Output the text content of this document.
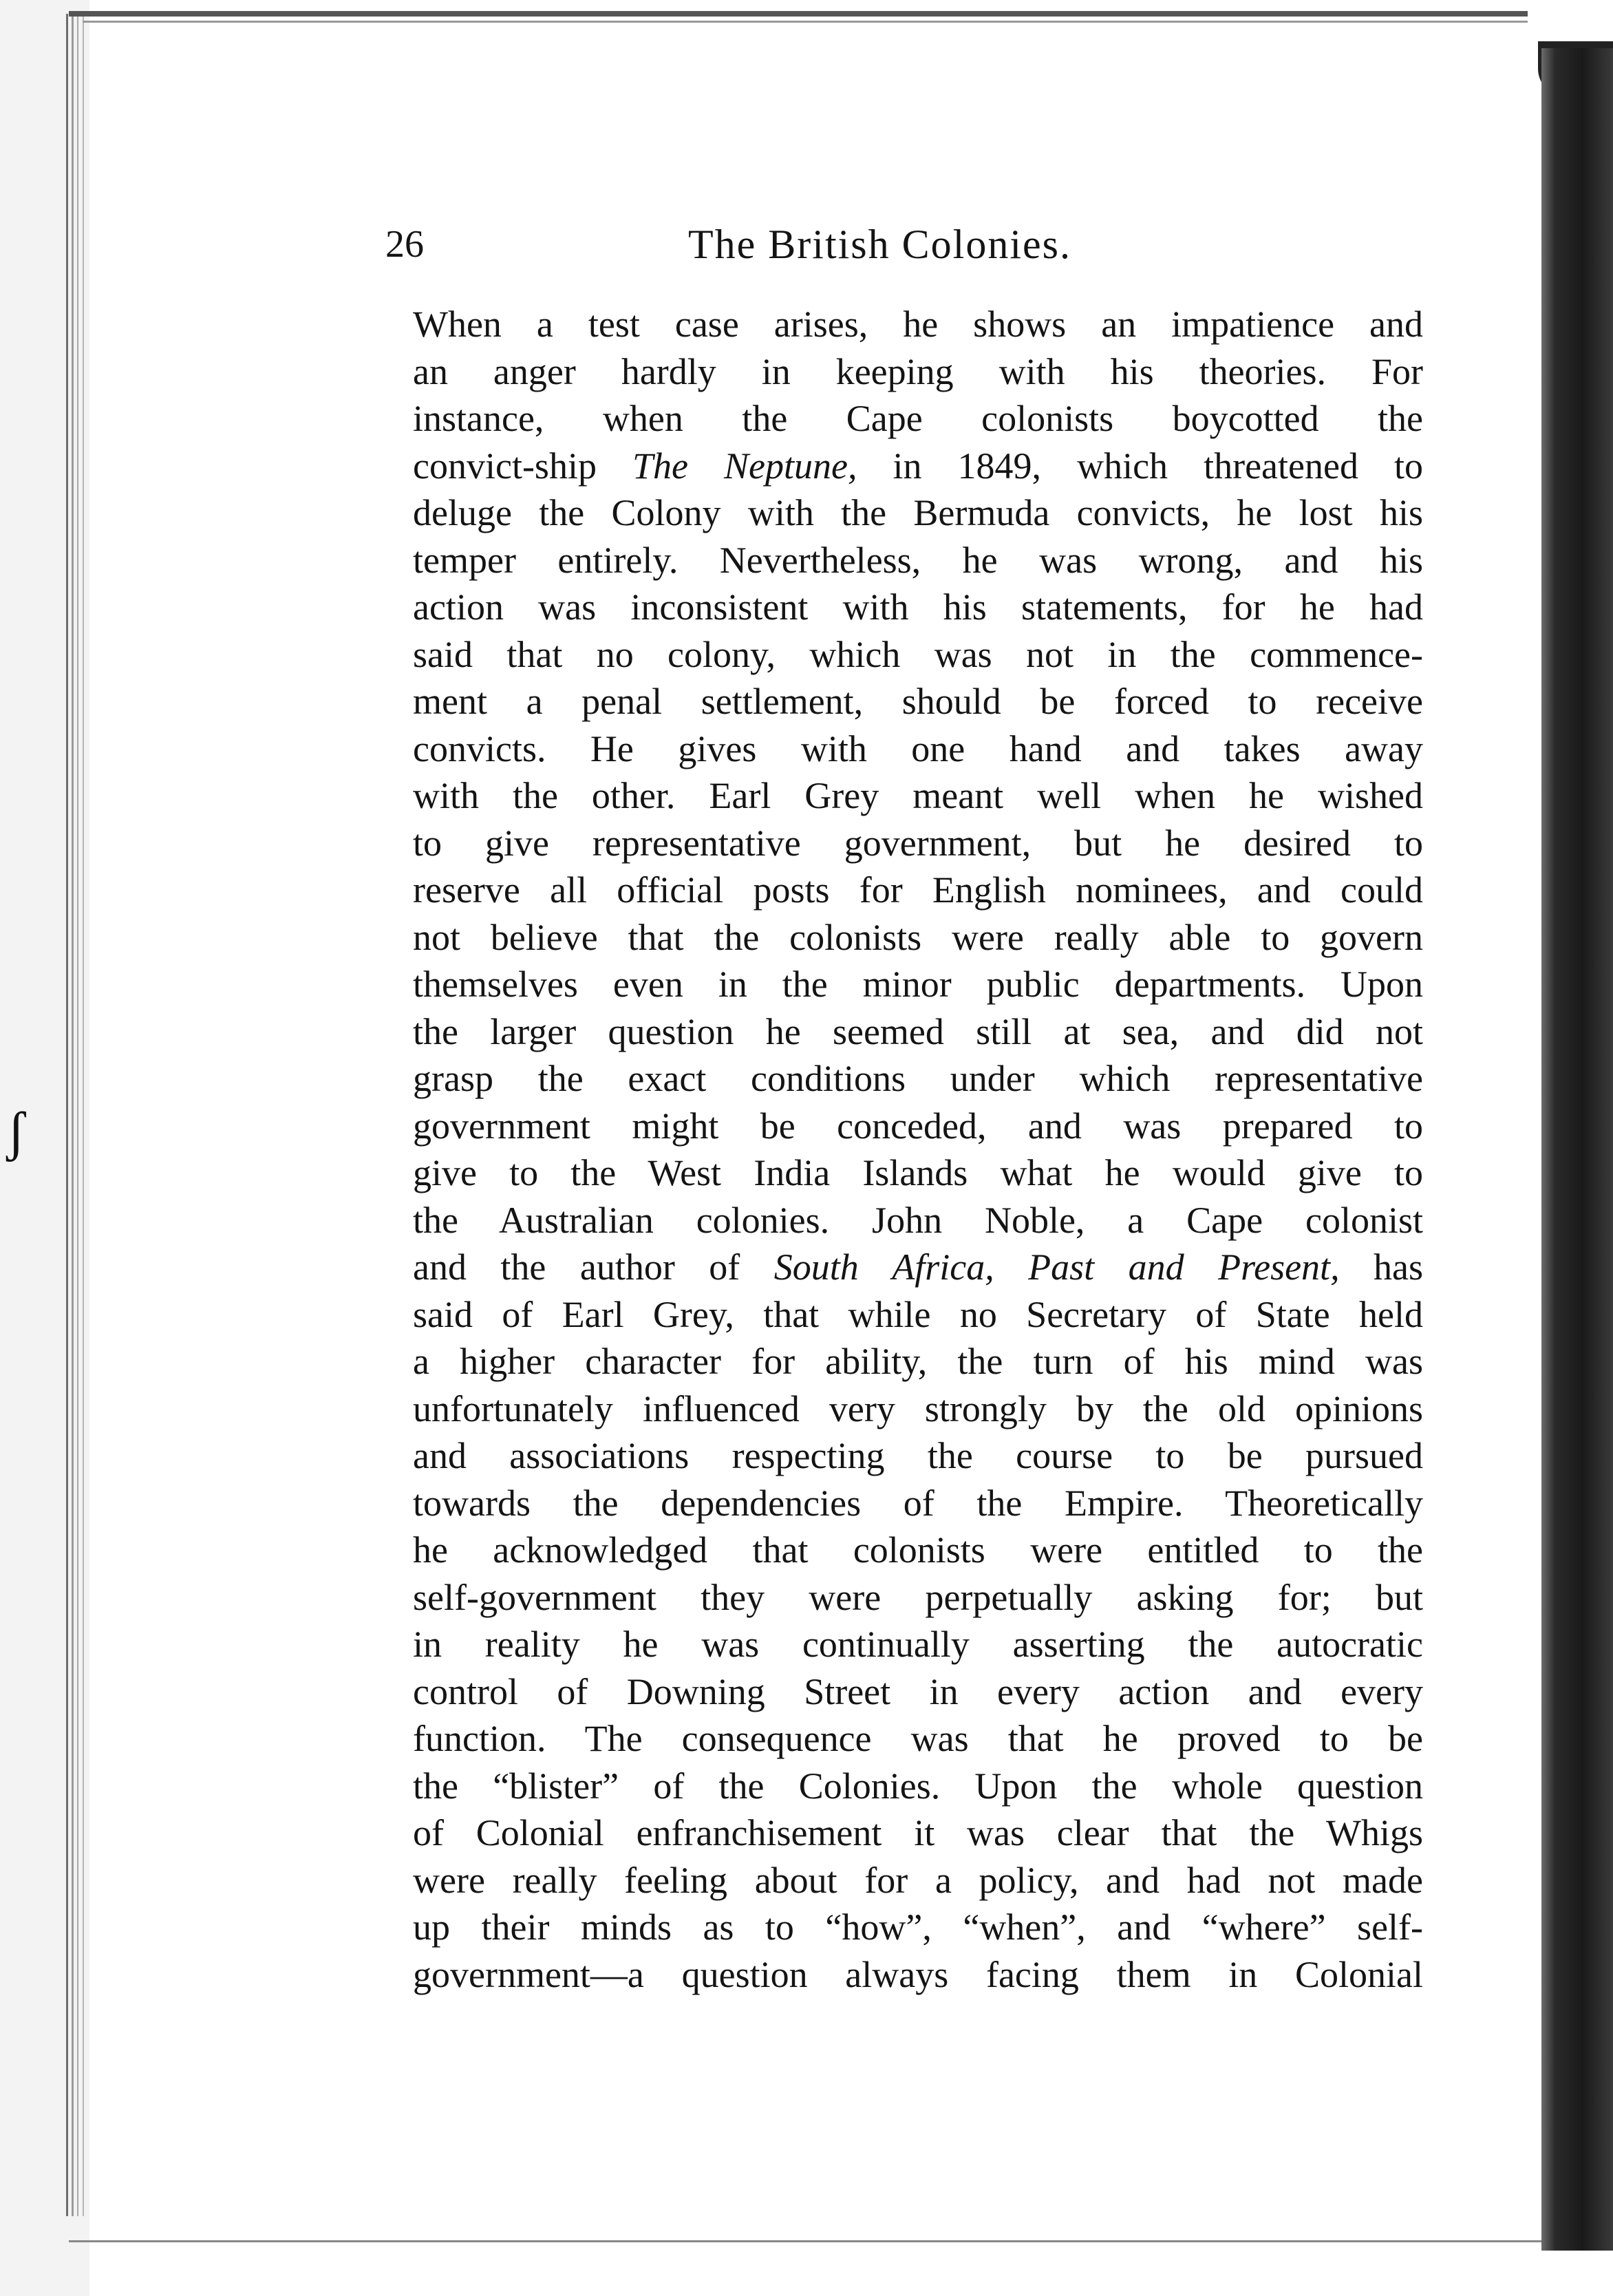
ʃ
26	The British Colonies.
When a test case arises, he shows an impatience and
an anger hardly in keeping with his theories. For
instance, when the Cape colonists boycotted the
convict-ship The Neptune, in 1849, which threatened to
deluge the Colony with the Bermuda convicts, he lost his
temper entirely. Nevertheless, he was wrong, and his
action was inconsistent with his statements, for he had
said that no colony, which was not in the commence-
ment a penal settlement, should be forced to receive
convicts. He gives with one hand and takes away
with the other. Earl Grey meant well when he wished
to give representative government, but he desired to
reserve all official posts for English nominees, and could
not believe that the colonists were really able to govern
themselves even in the minor public departments. Upon
the larger question he seemed still at sea, and did not
grasp the exact conditions under which representative
government might be conceded, and was prepared to
give to the West India Islands what he would give to
the Australian colonies. John Noble, a Cape colonist
and the author of South Africa, Past and Present, has
said of Earl Grey, that while no Secretary of State held
a higher character for ability, the turn of his mind was
unfortunately influenced very strongly by the old opinions
and associations respecting the course to be pursued
towards the dependencies of the Empire. Theoretically
he acknowledged that colonists were entitled to the
self-government they were perpetually asking for; but
in reality he was continually asserting the autocratic
control of Downing Street in every action and every
function. The consequence was that he proved to be
the “blister” of the Colonies. Upon the whole question
of Colonial enfranchisement it was clear that the Whigs
were really feeling about for a policy, and had not made
up their minds as to “how”, “when”, and “where” self-
government—a question always facing them in Colonial
